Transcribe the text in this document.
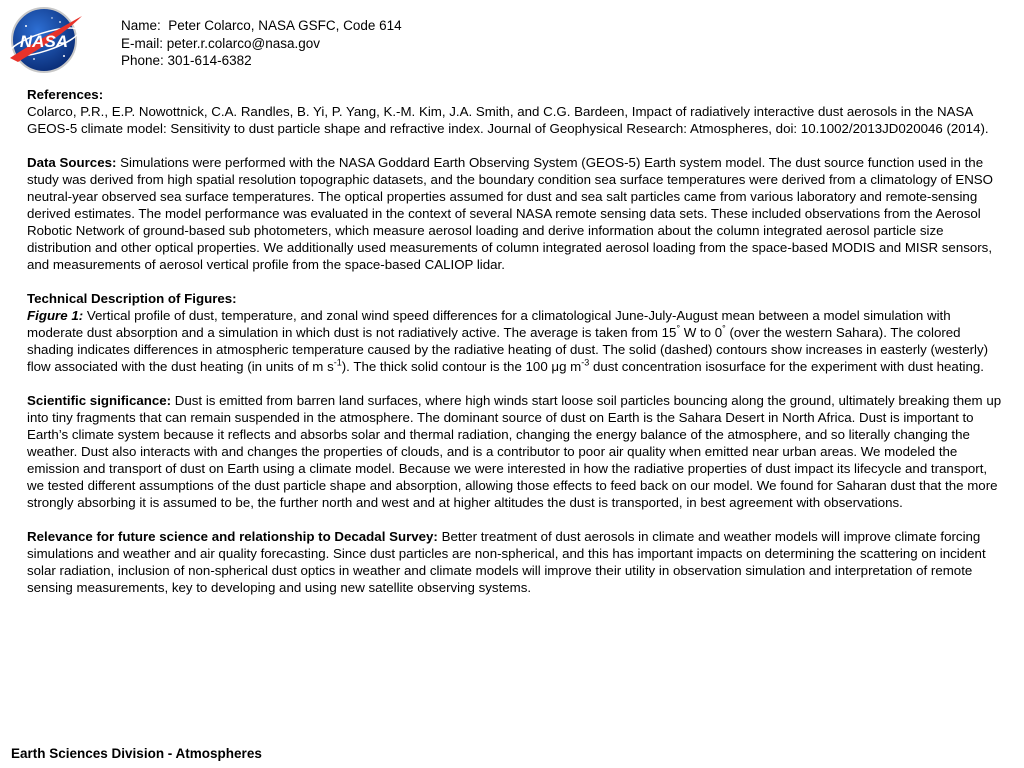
NASA
Name:  Peter Colarco, NASA GSFC, Code 614
E-mail: peter.r.colarco@nasa.gov
Phone: 301-614-6382

References:
Colarco, P.R., E.P. Nowottnick, C.A. Randles, B. Yi, P. Yang, K.-M. Kim, J.A. Smith, and C.G. Bardeen, Impact of radiatively interactive dust aerosols in the NASA GEOS-5 climate model: Sensitivity to dust particle shape and refractive index. Journal of Geophysical Research: Atmospheres, doi: 10.1002/2013JD020046 (2014).

Data Sources: Simulations were performed with the NASA Goddard Earth Observing System (GEOS-5) Earth system model. The dust source function used in the study was derived from high spatial resolution topographic datasets, and the boundary condition sea surface temperatures were derived from a climatology of ENSO neutral-year observed sea surface temperatures. The optical properties assumed for dust and sea salt particles came from various laboratory and remote-sensing derived estimates. The model performance was evaluated in the context of several NASA remote sensing data sets. These included observations from the Aerosol Robotic Network of ground-based sub photometers, which measure aerosol loading and derive information about the column integrated aerosol particle size distribution and other optical properties. We additionally used measurements of column integrated aerosol loading from the space-based MODIS and MISR sensors, and measurements of aerosol vertical profile from the space-based CALIOP lidar.

Technical Description of Figures:
Figure 1: Vertical profile of dust, temperature, and zonal wind speed differences for a climatological June-July-August mean between a model simulation with moderate dust absorption and a simulation in which dust is not radiatively active. The average is taken from 15° W to 0° (over the western Sahara). The colored shading indicates differences in atmospheric temperature caused by the radiative heating of dust. The solid (dashed) contours show increases in easterly (westerly) flow associated with the dust heating (in units of m $s^{-1}$). The thick solid contour is the 100 μg $m^{-3}$ dust concentration isosurface for the experiment with dust heating.

Scientific significance: Dust is emitted from barren land surfaces, where high winds start loose soil particles bouncing along the ground, ultimately breaking them up into tiny fragments that can remain suspended in the atmosphere. The dominant source of dust on Earth is the Sahara Desert in North Africa. Dust is important to Earth’s climate system because it reflects and absorbs solar and thermal radiation, changing the energy balance of the atmosphere, and so literally changing the weather. Dust also interacts with and changes the properties of clouds, and is a contributor to poor air quality when emitted near urban areas. We modeled the emission and transport of dust on Earth using a climate model. Because we were interested in how the radiative properties of dust impact its lifecycle and transport, we tested different assumptions of the dust particle shape and absorption, allowing those effects to feed back on our model. We found for Saharan dust that the more strongly absorbing it is assumed to be, the further north and west and at higher altitudes the dust is transported, in best agreement with observations.

Relevance for future science and relationship to Decadal Survey: Better treatment of dust aerosols in climate and weather models will improve climate forcing simulations and weather and air quality forecasting. Since dust particles are non-spherical, and this has important impacts on determining the scattering on incident solar radiation, inclusion of non-spherical dust optics in weather and climate models will improve their utility in observation simulation and interpretation of remote sensing measurements, key to developing and using new satellite observing systems.

Earth Sciences Division - Atmospheres
